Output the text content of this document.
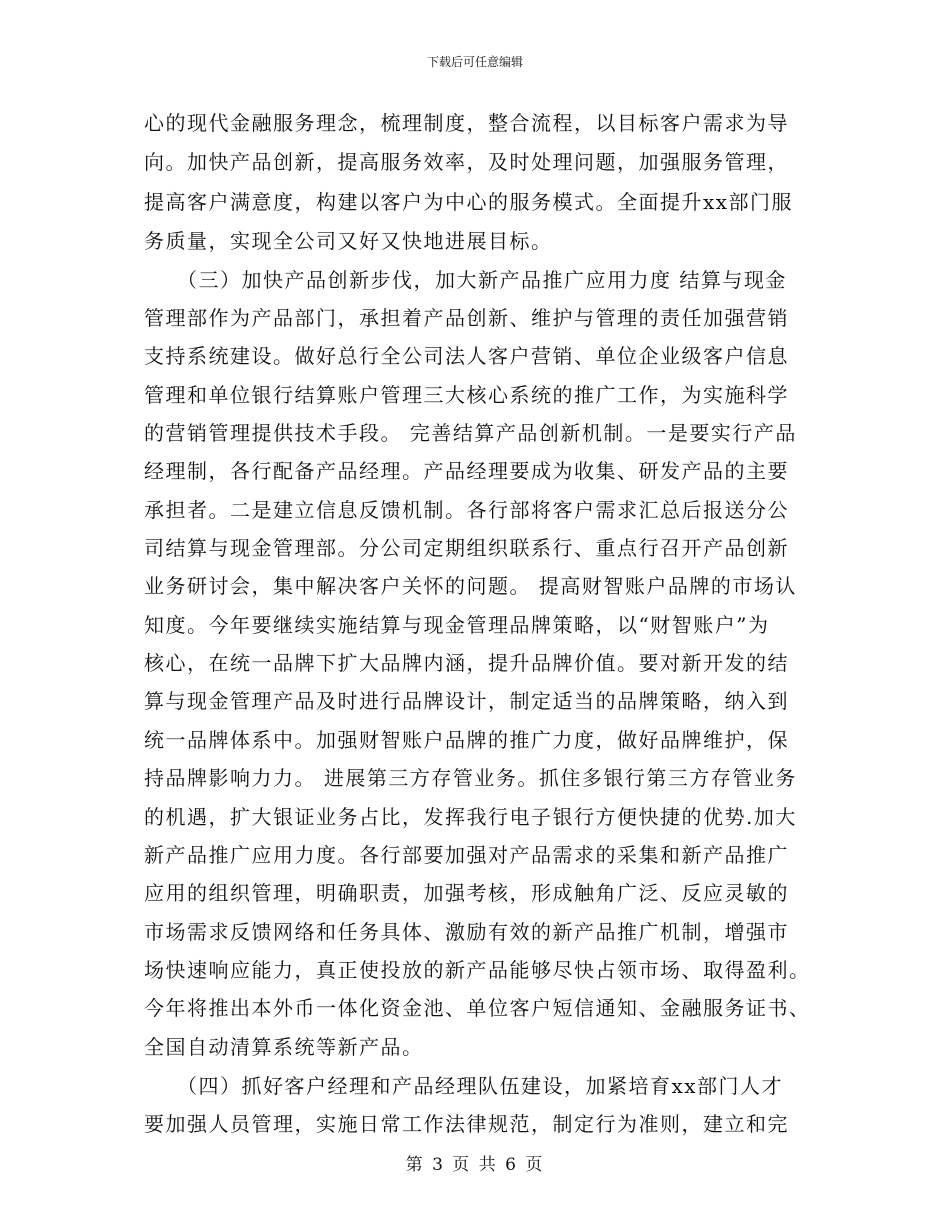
下载后可任意编辑
心的现代金融服务理念，梳理制度，整合流程，以目标客户需求为导
向。加快产品创新，提高服务效率，及时处理问题，加强服务管理，
提高客户满意度，构建以客户为中心的服务模式。全面提升xx部门服
务质量，实现全公司又好又快地进展目标。
　　（三）加快产品创新步伐，加大新产品推广应用力度 结算与现金
管理部作为产品部门，承担着产品创新、维护与管理的责任加强营销
支持系统建设。做好总行全公司法人客户营销、单位企业级客户信息
管理和单位银行结算账户管理三大核心系统的推广工作，为实施科学
的营销管理提供技术手段。 完善结算产品创新机制。一是要实行产品
经理制，各行配备产品经理。产品经理要成为收集、研发产品的主要
承担者。二是建立信息反馈机制。各行部将客户需求汇总后报送分公
司结算与现金管理部。分公司定期组织联系行、重点行召开产品创新
业务研讨会，集中解决客户关怀的问题。 提高财智账户品牌的市场认
知度。今年要继续实施结算与现金管理品牌策略，以“财智账户”为
核心，在统一品牌下扩大品牌内涵，提升品牌价值。要对新开发的结
算与现金管理产品及时进行品牌设计，制定适当的品牌策略，纳入到
统一品牌体系中。加强财智账户品牌的推广力度，做好品牌维护，保
持品牌影响力力。 进展第三方存管业务。抓住多银行第三方存管业务
的机遇，扩大银证业务占比，发挥我行电子银行方便快捷的优势.加大
新产品推广应用力度。各行部要加强对产品需求的采集和新产品推广
应用的组织管理，明确职责，加强考核，形成触角广泛、反应灵敏的
市场需求反馈网络和任务具体、激励有效的新产品推广机制，增强市
场快速响应能力，真正使投放的新产品能够尽快占领市场、取得盈利。
今年将推出本外币一体化资金池、单位客户短信通知、金融服务证书、
全国自动清算系统等新产品。
　　（四）抓好客户经理和产品经理队伍建设，加紧培育xx部门人才
要加强人员管理，实施日常工作法律规范，制定行为准则，建立和完
第 3 页 共 6 页
